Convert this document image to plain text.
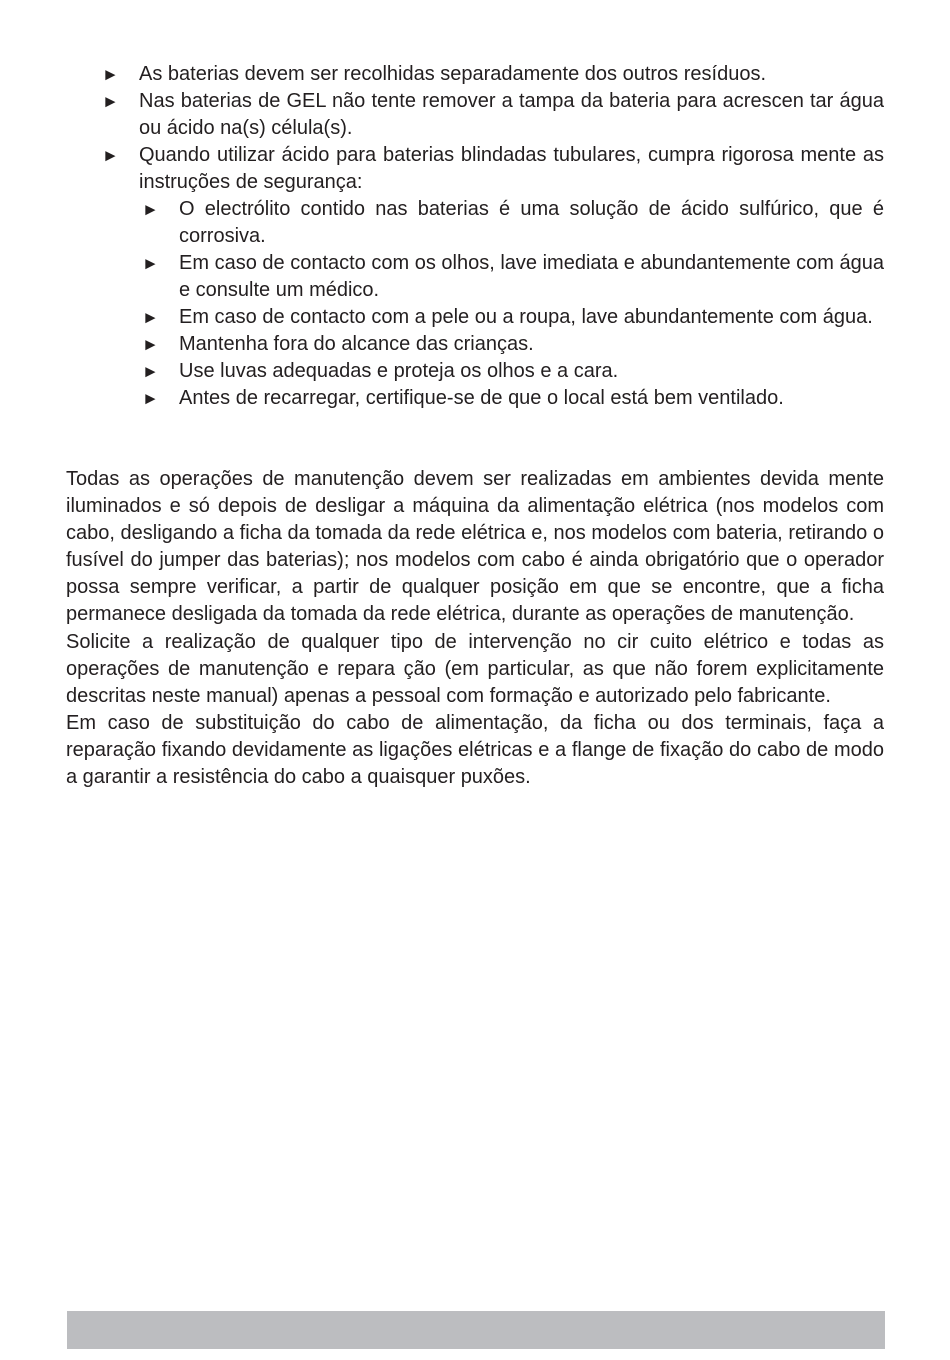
► As baterias devem ser recolhidas separadamente dos outros resíduos.
► Nas baterias de GEL não tente remover a tampa da bateria para acrescen tar água ou ácido na(s) célula(s).
► Quando utilizar ácido para baterias blindadas tubulares, cumpra rigorosa mente as instruções de segurança:
► O electrólito contido nas baterias é uma solução de ácido sulfúrico, que é corrosiva.
► Em caso de contacto com os olhos, lave imediata e abundantemente com água e consulte um médico.
► Em caso de contacto com a pele ou a roupa, lave abundantemente com água.
► Mantenha fora do alcance das crianças.
► Use luvas adequadas e proteja os olhos e a cara.
► Antes de recarregar, certifique-se de que o local está bem ventilado.

Todas as operações de manutenção devem ser realizadas em ambientes devida mente iluminados e só depois de desligar a máquina da alimentação elétrica (nos modelos com cabo, desligando a ficha da tomada da rede elétrica e, nos modelos com bateria, retirando o fusível do jumper das baterias); nos modelos com cabo é ainda obrigatório que o operador possa sempre verificar, a partir de qualquer posição em que se encontre, que a ficha permanece desligada da tomada da rede elétrica, durante as operações de manutenção.

Solicite a realização de qualquer tipo de intervenção no cir cuito elétrico e todas as operações de manutenção e repara ção (em particular, as que não forem explicitamente descritas neste manual) apenas a pessoal com formação e autorizado pelo fabricante.

Em caso de substituição do cabo de alimentação, da ficha ou dos terminais, faça a reparação fixando devidamente as ligações elétricas e a flange de fixação do cabo de modo a garantir a resistência do cabo a quaisquer puxões.
